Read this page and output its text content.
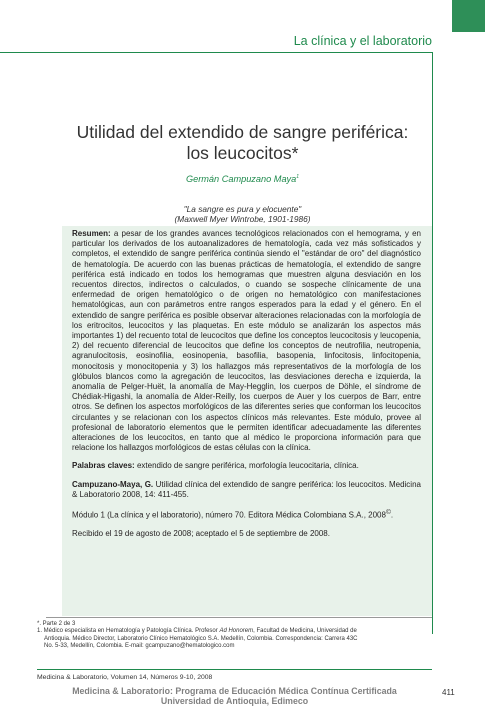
La clínica y el laboratorio
Utilidad del extendido de sangre periférica:
los leucocitos*
Germán Campuzano Maya$^1$
"La sangre es pura y elocuente"
(Maxwell Myer Wintrobe, 1901-1986)

Resumen: a pesar de los grandes avances tecnológicos relacionados con el hemograma, y en particular los derivados de los autoanalizadores de hematología, cada vez más sofisticados y completos, el extendido de sangre periférica continúa siendo el "estándar de oro" del diagnóstico de hematología. De acuerdo con las buenas prácticas de hematología, el extendido de sangre periférica está indicado en todos los hemogramas que muestren alguna desviación en los recuentos directos, indirectos o calculados, o cuando se sospeche clínicamente de una enfermedad de origen hematológico o de origen no hematológico con manifestaciones hematológicas, aun con parámetros entre rangos esperados para la edad y el género. En el extendido de sangre periférica es posible observar alteraciones relacionadas con la morfología de los eritrocitos, leucocitos y las plaquetas. En este módulo se analizarán los aspectos más importantes 1) del recuento total de leucocitos que define los conceptos leucocitosis y leucopenia, 2) del recuento diferencial de leucocitos que define los conceptos de neutrofilia, neutropenia, agranulocitosis, eosinofilia, eosinopenia, basofilia, basopenia, linfocitosis, linfocitopenia, monocitosis y monocitopenia y 3) los hallazgos más representativos de la morfología de los glóbulos blancos como la agregación de leucocitos, las desviaciones derecha e izquierda, la anomalía de Pelger-Huët, la anomalía de May-Hegglin, los cuerpos de Döhle, el síndrome de Chédiak-Higashi, la anomalía de Alder-Reilly, los cuerpos de Auer y los cuerpos de Barr, entre otros. Se definen los aspectos morfológicos de las diferentes series que conforman los leucocitos circulantes y se relacionan con los aspectos clínicos más relevantes. Este módulo, provee al profesional de laboratorio elementos que le permiten identificar adecuadamente las diferentes alteraciones de los leucocitos, en tanto que al médico le proporciona información para que relacione los hallazgos morfológicos de estas células con la clínica.

Palabras claves: extendido de sangre periférica, morfología leucocitaria, clínica.

Campuzano-Maya, G. Utilidad clínica del extendido de sangre periférica: los leucocitos. Medicina & Laboratorio 2008, 14: 411-455.

Módulo 1 (La clínica y el laboratorio), número 70. Editora Médica Colombiana S.A., 2008©.

Recibido el 19 de agosto de 2008; aceptado el 5 de septiembre de 2008.

*. Parte 2 de 3
1. Médico especialista en Hematología y Patología Clínica. Profesor Ad Honorem, Facultad de Medicina, Universidad de
Antioquia. Médico Director, Laboratorio Clínico Hematológico S.A. Medellín, Colombia. Correspondencia: Carrera 43C
No. 5-33, Medellín, Colombia. E-mail: gcampuzano@hematologico.com
Medicina & Laboratorio, Volumen 14, Números 9-10, 2008
Medicina & Laboratorio: Programa de Educación Médica Contínua Certificada
Universidad de Antioquia, Edimeco
411
